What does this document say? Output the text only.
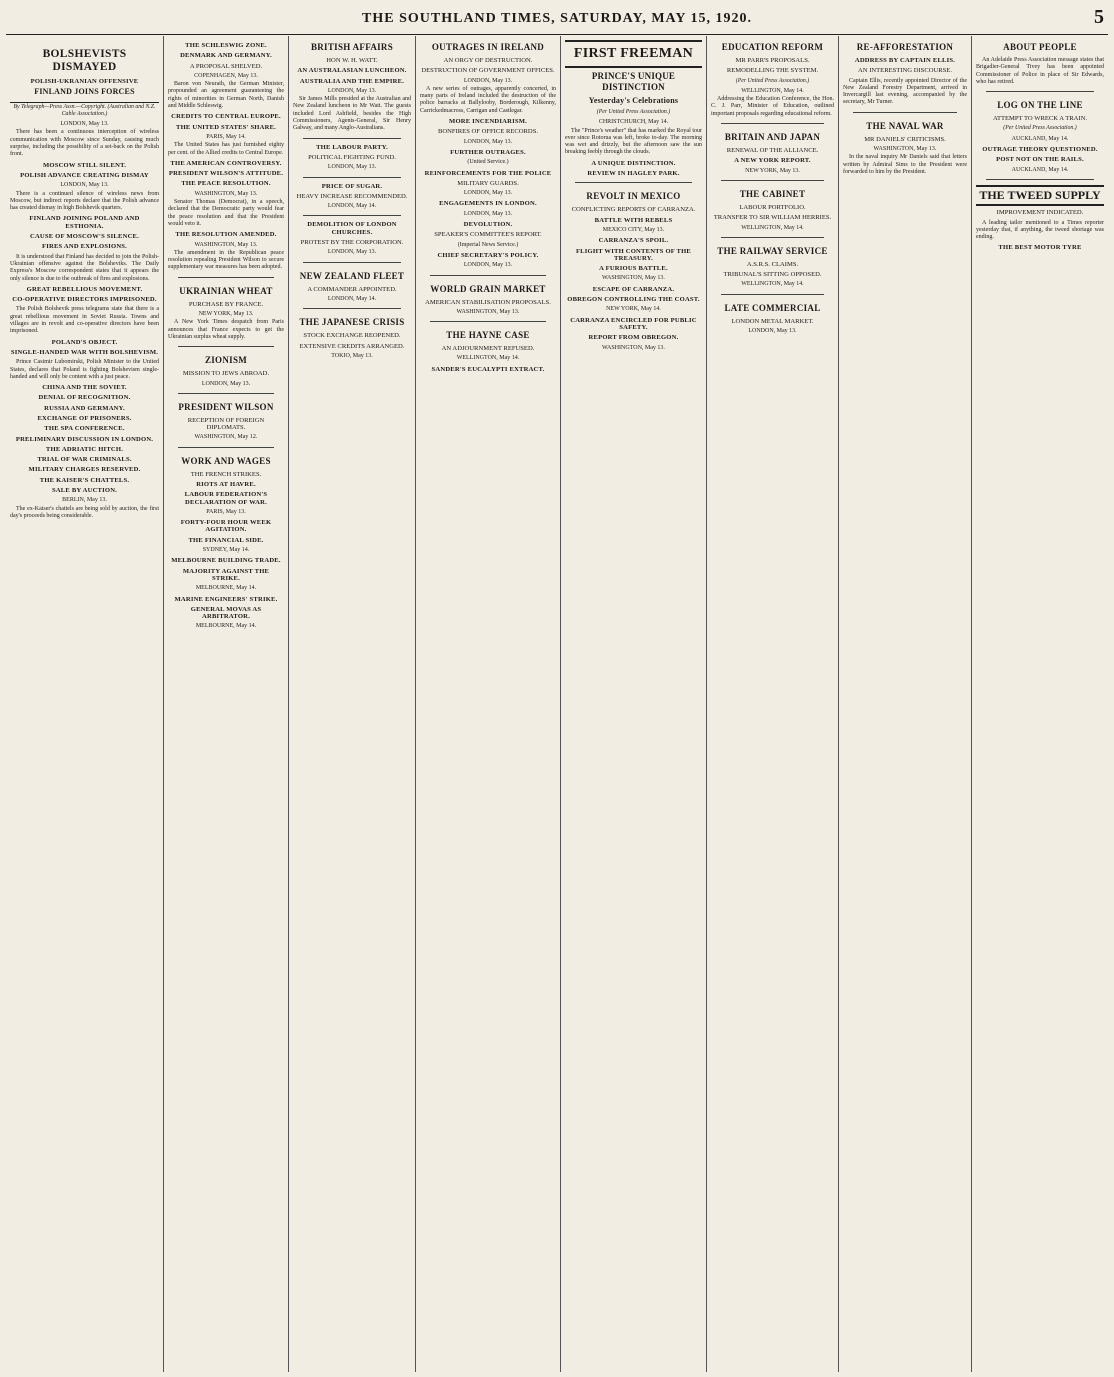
THE SOUTHLAND TIMES, SATURDAY, MAY 15, 1920.	5
BOLSHEVISTS DISMAYED
POLISH-UKRANIAN OFFENSIVE
FINLAND JOINS FORCES
By Telegraph—Press Assn.—Copyright. (Australian and N.Z. Cable Association.)
LONDON, May 13.

There has been a continuous interception of wireless communication with Moscow since Sunday, causing much surprise, including the possibility of a set-back on the Polish front.

MOSCOW STILL SILENT.
POLISH ADVANCE CREATING DISMAY
LONDON, May 13.

There is a continued silence of wireless news from Moscow, but indirect reports declare that the Polish advance has created dismay in high Bolshevik quarters.

FINLAND JOINING POLAND AND ESTHONIA.
CAUSE OF MOSCOW'S SILENCE.
FIRES AND EXPLOSIONS.

It is understood that Finland has decided to join the Polish-Ukrainian offensive against the Bolsheviks. The Daily Express's Moscow correspondent states that it appears the only silence is due to the outbreak of fires and explosions.

GREAT REBELLIOUS MOVEMENT.
CO-OPERATIVE DIRECTORS IMPRISONED.

The Polish Bolshevik press telegrams state that there is a great rebellious movement in Soviet Russia. Towns and villages are in revolt and co-operative directors have been imprisoned.

POLAND'S OBJECT.
SINGLE-HANDED WAR WITH BOLSHEVISM.

Prince Casimir Lubomirski, Polish Minister to the United States, declares that Poland is fighting Bolshevism single-handed and will only be content with a just peace.

CHINA AND THE SOVIET.
DENIAL OF RECOGNITION.
RUSSIA AND GERMANY.
EXCHANGE OF PRISONERS.
THE SPA CONFERENCE.
PRELIMINARY DISCUSSION IN LONDON.
THE ADRIATIC HITCH.
TRIAL OF WAR CRIMINALS.
MILITARY CHARGES RESERVED.
THE KAISER'S CHATTELS.
SALE BY AUCTION.
BERLIN, May 13.

The ex-Kaiser's chattels are being sold by auction, the first day's proceeds being considerable.

THE SCHLESWIG ZONE.
DENMARK AND GERMANY.
A PROPOSAL SHELVED.
COPENHAGEN, May 13.

Baron von Neurath, the German Minister, propounded an agreement guaranteeing the rights of minorities in German North, Danish and Middle Schleswig.

CREDITS TO CENTRAL EUROPE.
THE UNITED STATES' SHARE.
PARIS, May 14.

The United States has just furnished eighty per cent. of the Allied credits to Central Europe.

THE AMERICAN CONTROVERSY.
PRESIDENT WILSON'S ATTITUDE.
THE PEACE RESOLUTION.
WASHINGTON, May 13.

Senator Thomas (Democrat), in a speech, declared that the Democratic party would fear the peace resolution and that the President would veto it.

THE RESOLUTION AMENDED.
WASHINGTON, May 13.

The amendment in the Republican peace resolution repealing President Wilson to secure supplementary war measures has been adopted.

UKRAINIAN WHEAT
PURCHASE BY FRANCE.
NEW YORK, May 13.

A New York Times despatch from Paris announces that France expects to get the Ukrainian surplus wheat supply.

ZIONISM
MISSION TO JEWS ABROAD.
LONDON, May 13.
PRESIDENT WILSON
RECEPTION OF FOREIGN DIPLOMATS.
WASHINGTON, May 12.
WORK AND WAGES
THE FRENCH STRIKES.
RIOTS AT HAVRE.
LABOUR FEDERATION'S DECLARATION OF WAR.
PARIS, May 13.
FORTY-FOUR HOUR WEEK AGITATION.
THE FINANCIAL SIDE.
SYDNEY, May 14.
MELBOURNE BUILDING TRADE.
MAJORITY AGAINST THE STRIKE.
MELBOURNE, May 14.
MARINE ENGINEERS' STRIKE.
GENERAL MOVAS AS ARBITRATOR.
MELBOURNE, May 14.
BRITISH AFFAIRS
HON W. H. WATT.
AN AUSTRALASIAN LUNCHEON.
AUSTRALIA AND THE EMPIRE.
LONDON, May 13.

Sir James Mills presided at the Australian and New Zealand luncheon to Mr Watt. The guests included Lord Ashfield, besides the High Commissioners, Agents-General, Sir Henry Galway, and many Anglo-Australians.

THE LABOUR PARTY.
POLITICAL FIGHTING FUND.
LONDON, May 13.
PRICE OF SUGAR.
HEAVY INCREASE RECOMMENDED.
LONDON, May 14.
DEMOLITION OF LONDON CHURCHES.
PROTEST BY THE CORPORATION.
LONDON, May 13.
NEW ZEALAND FLEET
A COMMANDER APPOINTED.
LONDON, May 14.
THE JAPANESE CRISIS
STOCK EXCHANGE REOPENED.
EXTENSIVE CREDITS ARRANGED.
TOKIO, May 13.
OUTRAGES IN IRELAND
AN ORGY OF DESTRUCTION.
DESTRUCTION OF GOVERNMENT OFFICES.
LONDON, May 13.

A new series of outrages, apparently concerted, in many parts of Ireland included the destruction of the police barracks at Ballylooby, Borderough, Kilkenny, Carrickedmacross, Carrigan and Castlegar.

MORE INCENDIARISM.
BONFIRES OF OFFICE RECORDS.
LONDON, May 13.
FURTHER OUTRAGES.
(United Service.)
REINFORCEMENTS FOR THE POLICE
MILITARY GUARDS.
LONDON, May 13.
ENGAGEMENTS IN LONDON.
LONDON, May 13.
DEVOLUTION.
SPEAKER'S COMMITTEE'S REPORT.
(Imperial News Service.)
CHIEF SECRETARY'S POLICY.
LONDON, May 13.
WORLD GRAIN MARKET
AMERICAN STABILISATION PROPOSALS.
WASHINGTON, May 13.
THE HAYNE CASE
AN ADJOURNMENT REFUSED.
WELLINGTON, May 14.
SANDER'S EUCALYPTI EXTRACT.
FIRST FREEMAN
PRINCE'S UNIQUE DISTINCTION
Yesterday's Celebrations
(Per United Press Association.)
CHRISTCHURCH, May 14.

The "Prince's weather" that has marked the Royal tour ever since Rotorua was left, broke to-day. The morning was wet and drizzly, but the afternoon saw the sun breaking feebly through the clouds.

A UNIQUE DISTINCTION.
REVIEW IN HAGLEY PARK.
REVOLT IN MEXICO
CONFLICTING REPORTS OF CARRANZA.
BATTLE WITH REBELS
MEXICO CITY, May 13.
CARRANZA'S SPOIL.
FLIGHT WITH CONTENTS OF THE TREASURY.
A FURIOUS BATTLE.
WASHINGTON, May 13.
ESCAPE OF CARRANZA.
OBREGON CONTROLLING THE COAST.
NEW YORK, May 14.
CARRANZA ENCIRCLED FOR PUBLIC SAFETY.
REPORT FROM OBREGON.
WASHINGTON, May 13.
EDUCATION REFORM
MR PARR'S PROPOSALS.
REMODELLING THE SYSTEM.
(Per United Press Association.)
WELLINGTON, May 14.

Addressing the Education Conference, the Hon. C. J. Parr, Minister of Education, outlined important proposals regarding educational reform.

BRITAIN AND JAPAN
RENEWAL OF THE ALLIANCE.
A NEW YORK REPORT.
NEW YORK, May 13.
THE CABINET
LABOUR PORTFOLIO.
TRANSFER TO SIR WILLIAM HERRIES.
WELLINGTON, May 14.
THE RAILWAY SERVICE
A.S.R.S. CLAIMS.
TRIBUNAL'S SITTING OPPOSED.
WELLINGTON, May 14.
LATE COMMERCIAL
LONDON METAL MARKET.
LONDON, May 13.
RE-AFFORESTATION
ADDRESS BY CAPTAIN ELLIS.
AN INTERESTING DISCOURSE.

Captain Ellis, recently appointed Director of the New Zealand Forestry Department, arrived in Invercargill last evening, accompanied by the secretary, Mr Turner.

THE NAVAL WAR
MR DANIELS' CRITICISMS.
WASHINGTON, May 13.

In the naval inquiry Mr Daniels said that letters written by Admiral Sims to the President were forwarded to him by the President.

ABOUT PEOPLE

An Adelaide Press Association message states that Brigadier-General Tivey has been appointed Commissioner of Police in place of Sir Edwards, who has retired.

LOG ON THE LINE
ATTEMPT TO WRECK A TRAIN.
(Per United Press Association.)
AUCKLAND, May 14.
OUTRAGE THEORY QUESTIONED.
POST NOT ON THE RAILS.
AUCKLAND, May 14.
THE TWEED SUPPLY
IMPROVEMENT INDICATED.

A leading tailor mentioned to a Times reporter yesterday that, if anything, the tweed shortage was ending.

THE BEST MOTOR TYRE
